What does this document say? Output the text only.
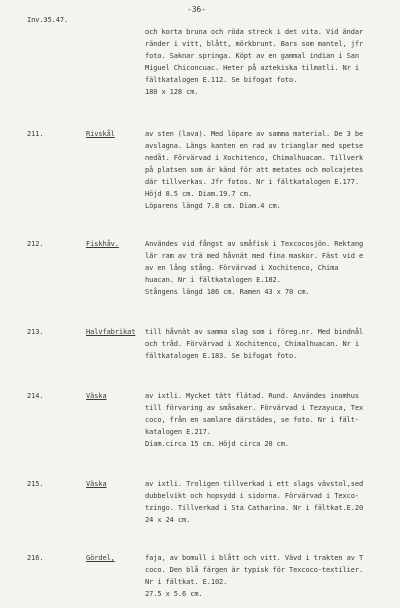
-36-
Inv.35.47.
och korta bruna och röda streck i det vita. Vid ändar
ränder i vitt, blått, mörkbrunt. Bars som mantel, jfr
foto. Saknar springa. Köpt av en gammal indian i San
Miguel Chiconcuac. Heter på aztekiska tilmatli. Nr i
fältkatalogen E.112. Se bifogat foto.
180 x 128 cm.
211.	Rivskål	av sten (lava). Med löpare av samma material. De 3 be
avslagna. Längs kanten en rad av trianglar med spetse
nedåt. Förvärvad i Xochitenco, Chimalhuacan. Tillverk
på platsen som är känd för att metates och molcajetes
där tillverkas. Jfr fotos. Nr i fältkatalogen E.177.
Höjd 8.5 cm. Diam.19.7 cm.
Löparens längd 7.8 cm. Diam.4 cm.
212.	Fiskhåv.	Användes vid fångst av småfisk i Texcocosjön. Rektang
lär ram av trä med håvnät med fina maskor. Fäst vid e
av en lång stång. Förvärvad i Xochitenco, Chima
huacan. Nr i fältkatalogen E.182.
Stångens längd 186 cm. Ramen 43 x 70 cm.
213.	Halvfabrikat till håvnät av samma slag som i föreg.nr. Med bindnål
och tråd. Förvärvad i Xochitenco, Chimalhuacan. Nr i
fältkatalogen E.183. Se bifogat foto.
214.	Väska	av ixtli. Mycket tätt flätad. Rund. Användes inomhus
till förvaring av småsaker. Förvärvad i Tezayuca, Tex
coco, från en samlare därstädes, se foto. Nr i fält-
katalogen E.217.
Diam.circa 15 cm. Höjd circa 20 cm.
215.	Väska	av ixtli. Troligen tillverkad i ett slags vävstol,sed
dubbelvikt och hopsydd i sidorna. Förvärvad i Texco-
tzingo. Tillverkad i Sta Catharina. Nr i fältkat.E.20
24 x 24 cm.
216.	Gördel,	faja, av bomull i blått och vitt. Vävd i trakten av T
coco. Den blå färgen är typisk för Texcoco-textilier.
Nr i fältkat. E.102.
27.5 x 5.6 cm.
